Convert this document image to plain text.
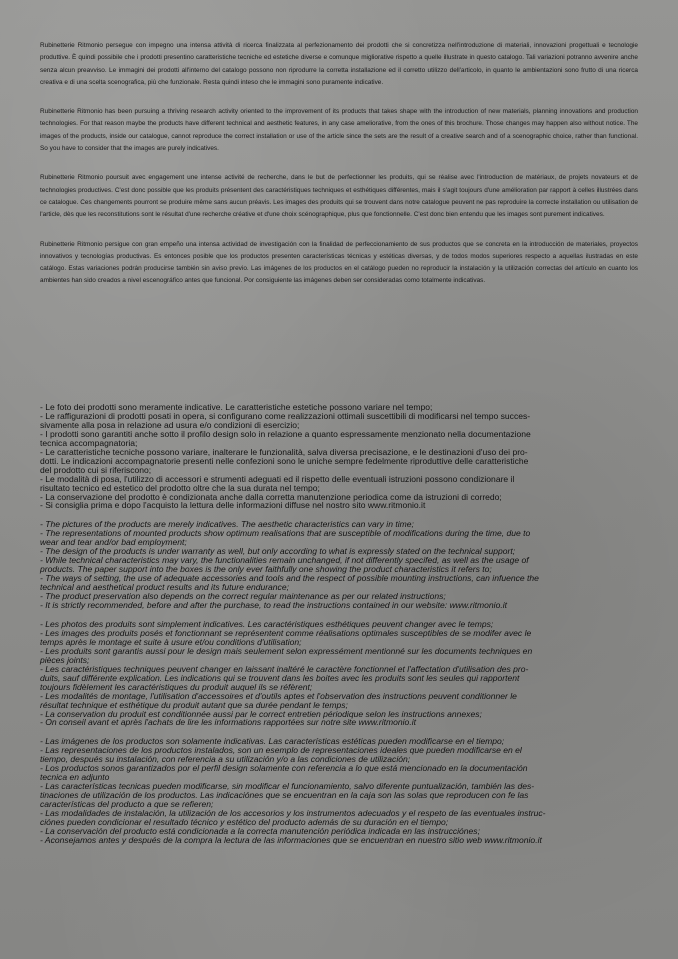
Rubinetterie Ritmonio persegue con impegno una intensa attività di ricerca finalizzata al perfezionamento dei prodotti che si concretizza nell'introduzione di materiali, innovazioni progettuali e tecnologie produttive. È quindi possibile che i prodotti presentino caratteristiche tecniche ed estetiche diverse e comunque migliorative rispetto a quelle illustrate in questo catalogo. Tali variazioni potranno avvenire anche senza alcun preavviso. Le immagini dei prodotti all'interno del catalogo possono non riprodurre la corretta installazione ed il corretto utilizzo dell'articolo, in quanto le ambientazioni sono frutto di una ricerca creativa e di una scelta scenografica, più che funzionale. Resta quindi inteso che le immagini sono puramente indicative.

Rubinetterie Ritmonio has been pursuing a thriving research activity oriented to the improvement of its products that takes shape with the introduction of new materials, planning innovations and production technologies. For that reason maybe the products have different technical and aesthetic features, in any case ameliorative, from the ones of this brochure. Those changes may happen also without notice. The images of the products, inside our catalogue, cannot reproduce the correct installation or use of the article since the sets are the result of a creative search and of a scenographic choice, rather than functional. So you have to consider that the images are purely indicatives.

Rubinetterie Ritmonio poursuit avec engagement une intense activité de recherche, dans le but de perfectionner les produits, qui se réalise avec l'introduction de matériaux, de projets novateurs et de technologies productives. C'est donc possible que les produits présentent des caractéristiques techniques et esthétiques différentes, mais il s'agit toujours d'une amélioration par rapport à celles illustrées dans ce catalogue. Ces changements pourront se produire même sans aucun préavis. Les images des produits qui se trouvent dans notre catalogue peuvent ne pas reproduire la correcte installation ou utilisation de l'article, dès que les reconstitutions sont le résultat d'une recherche créative et d'une choix scénographique, plus que fonctionnelle. C'est donc bien entendu que les images sont purement indicatives.

Rubinetterie Ritmonio persigue con gran empeño una intensa actividad de investigación con la finalidad de perfeccionamiento de sus productos que se concreta en la introducción de materiales, proyectos innovativos y tecnologías productivas. Es entonces posible que los productos presenten características técnicas y estéticas diversas, y de todos modos superiores respecto a aquellas ilustradas en este catálogo. Estas variaciones podrán producirse también sin aviso previo. Las imágenes de los productos en el catálogo pueden no reproducir la instalación y la utilización correctas del artículo en cuanto los ambientes han sido creados a nivel escenográfico antes que funcional. Por consiguiente las imágenes deben ser consideradas como totalmente indicativas.

- Le foto dei prodotti sono meramente indicative. Le caratteristiche estetiche possono variare nel tempo;
- Le raffigurazioni di prodotti posati in opera, si configurano come realizzazioni ottimali suscettibili di modificarsi nel tempo succes-
sivamente alla posa in relazione ad usura e/o condizioni di esercizio;
- I prodotti sono garantiti anche sotto il profilo design solo in relazione a quanto espressamente menzionato nella documentazione
tecnica accompagnatoria;
- Le caratteristiche tecniche possono variare, inalterare le funzionalità, salva diversa precisazione, e le destinazioni d'uso dei pro-
dotti. Le indicazioni accompagnatorie presenti nelle confezioni sono le uniche sempre fedelmente riproduttive delle caratteristiche
del prodotto cui si riferiscono;
- Le modalità di posa, l'utilizzo di accessori e strumenti adeguati ed il rispetto delle eventuali istruzioni possono condizionare il
risultato tecnico ed estetico del prodotto oltre che la sua durata nel tempo;
- La conservazione del prodotto è condizionata anche dalla corretta manutenzione periodica come da istruzioni di corredo;
- Si consiglia prima e dopo l'acquisto la lettura delle informazioni diffuse nel nostro sito www.ritmonio.it
- The pictures of the products are merely indicatives. The aesthetic characteristics can vary in time;
- The representations of mounted products show optimum realisations that are susceptible of modifications during the time, due to
wear and tear and/or bad employment;
- The design of the products is under warranty as well, but only according to what is expressly stated on the technical support;
- While technical characteristics may vary, the functionalities remain unchanged, if not differently specifed, as well as the usage of
products. The paper support into the boxes is the only ever faithfully one showing the product characteristics it refers to;
- The ways of setting, the use of adequate accessories and tools and the respect of possible mounting instructions, can infuence the
technical and aesthetical product results and its future endurance;
- The product preservation also depends on the correct regular maintenance as per our related instructions;
- It is strictly recommended, before and after the purchase, to read the instructions contained in our website: www.ritmonio.it
- Les photos des produits sont simplement indicatives. Les caractéristiques esthétiques peuvent changer avec le temps;
- Les images des produits posés et fonctionnant se représentent comme réalisations optimales susceptibles de se modifer avec le
temps après le montage et suite à usure et/ou conditions d'utilisation;
- Les produits sont garantis aussi pour le design mais seulement selon expressément mentionné sur les documents techniques en
pièces joints;
- Les caractéristiques techniques peuvent changer en laissant inaltéré le caractère fonctionnel et l'affectation d'utilisation des pro-
duits, sauf différente explication. Les indications qui se trouvent dans les boites avec les produits sont les seules qui rapportent
toujours fidèlement les caractéristiques du produit auquel ils se réfèrent;
- Les modalités de montage, l'utilisation d'accessoires et d'outils aptes et l'observation des instructions peuvent conditionner le
résultat technique et esthétique du produit autant que sa durée pendant le temps;
- La conservation du produit est conditionnée aussi par le correct entretien périodique selon les instructions annexes;
- On conseil avant et après l'achats de lire les informations rapportées sur notre site www.ritmonio.it
- Las imágenes de los productos son solamente indicativas. Las características estéticas pueden modificarse en el tiempo;
- Las representaciones de los productos instalados, son un esemplo de representaciones ideales que pueden modificarse en el
tiempo, después su instalación, con referencia a su utilización y/o a las condiciones de utilización;
- Los productos sonos garantizados por el perfil design solamente con referencia a lo que está mencionado en la documentación
tecnica en adjunto
- Las características tecnicas pueden modificarse, sin modificar el funcionamiento, salvo diferente puntualización, también las des-
tinaciones de utilización de los productos. Las indicaciónes que se encuentran en la caja son las solas que reproducen con fe las
características del producto a que se refieren;
- Las modalidades de instalación, la utilización de los accesorios y los instrumentos adecuados y el respeto de las eventuales instruc-
ciónes pueden condicionar el resultado técnico y estético del producto además de su duración en el tiempo;
- La conservación del producto está condicionada a la correcta manutención periódica indicada en las instrucciónes;
- Aconsejamos antes y después de la compra la lectura de las informaciones que se encuentran en nuestro sitio web www.ritmonio.it
